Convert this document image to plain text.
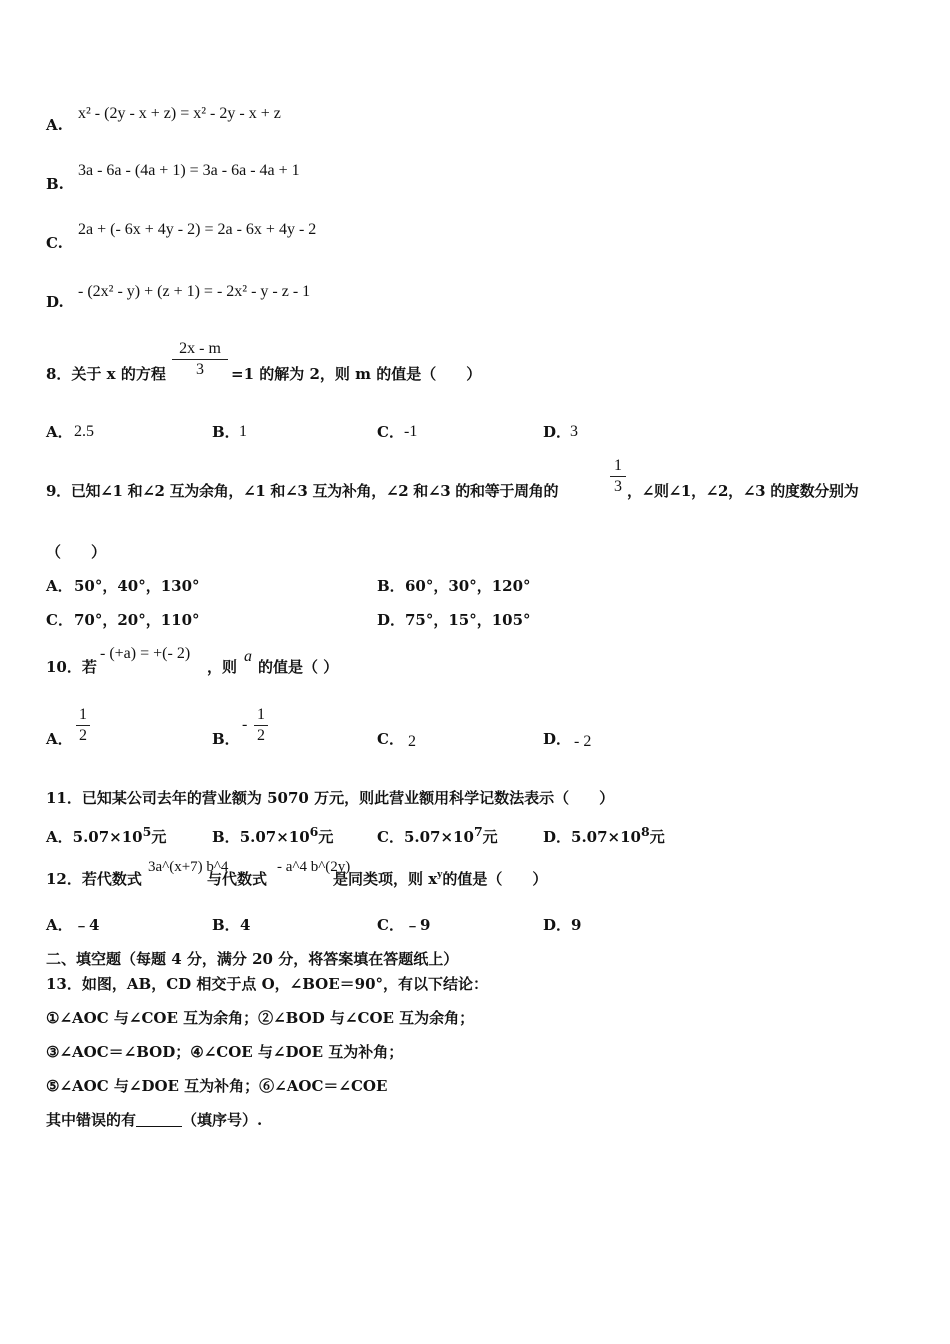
A.
x² - (2y - x + z) = x² - 2y - x + z
B.
3a - 6a - (4a + 1) = 3a - 6a - 4a + 1
C.
2a + (- 6x + 4y - 2) = 2a - 6x + 4y - 2
D.
- (2x² - y) + (z + 1) = - 2x² - y - z - 1
8．关于 x 的方程
2x - m
3	=1 的解为 2，则 m 的值是（　　）
A． 2.5	B． 1	C． -1	D．
3
9．已知∠1 和∠2 互为余角，∠1 和∠3 互为补角，∠2 和∠3 的和等于周角的
1
3 ，∠则∠1，∠2，∠3 的度数分别为
（　　）
A． 50°，40°，130°	B． 60°，30°，120°
C． 70°，20°，110°	D． 75°，15°，105°
10．若
- (+a) = +(- 2)
，则
a
的值是（ ）
A．
1
2	B．
-
1
2	C． 2	D． - 2
11．已知某公司去年的营业额为 5070 万元，则此营业额用科学记数法表示（　　）
A．$5.07\times 10^5$元	B．$5.07\times 10^6$元	C．$5.07\times 10^7$元	D．$5.07\times 10^8$元
12．若代数式
3a^(x+7) b^4
与代数式
- a^4 b^(2y)
是同类项，则 $x^y$的值是（　　）
A． ﹣4	B． 4	C． ﹣9	D． 9
二、填空题（每题 4 分，满分 20 分，将答案填在答题纸上）
13．如图，AB，CD 相交于点 O，∠BOE＝90°，有以下结论：
①∠AOC 与∠COE 互为余角；②∠BOD 与∠COE 互为余角；
③∠AOC＝∠BOD；④∠COE 与∠DOE 互为补角；
⑤∠AOC 与∠DOE 互为补角；⑥∠AOC＝∠COE
其中错误的有	（填序号）.
